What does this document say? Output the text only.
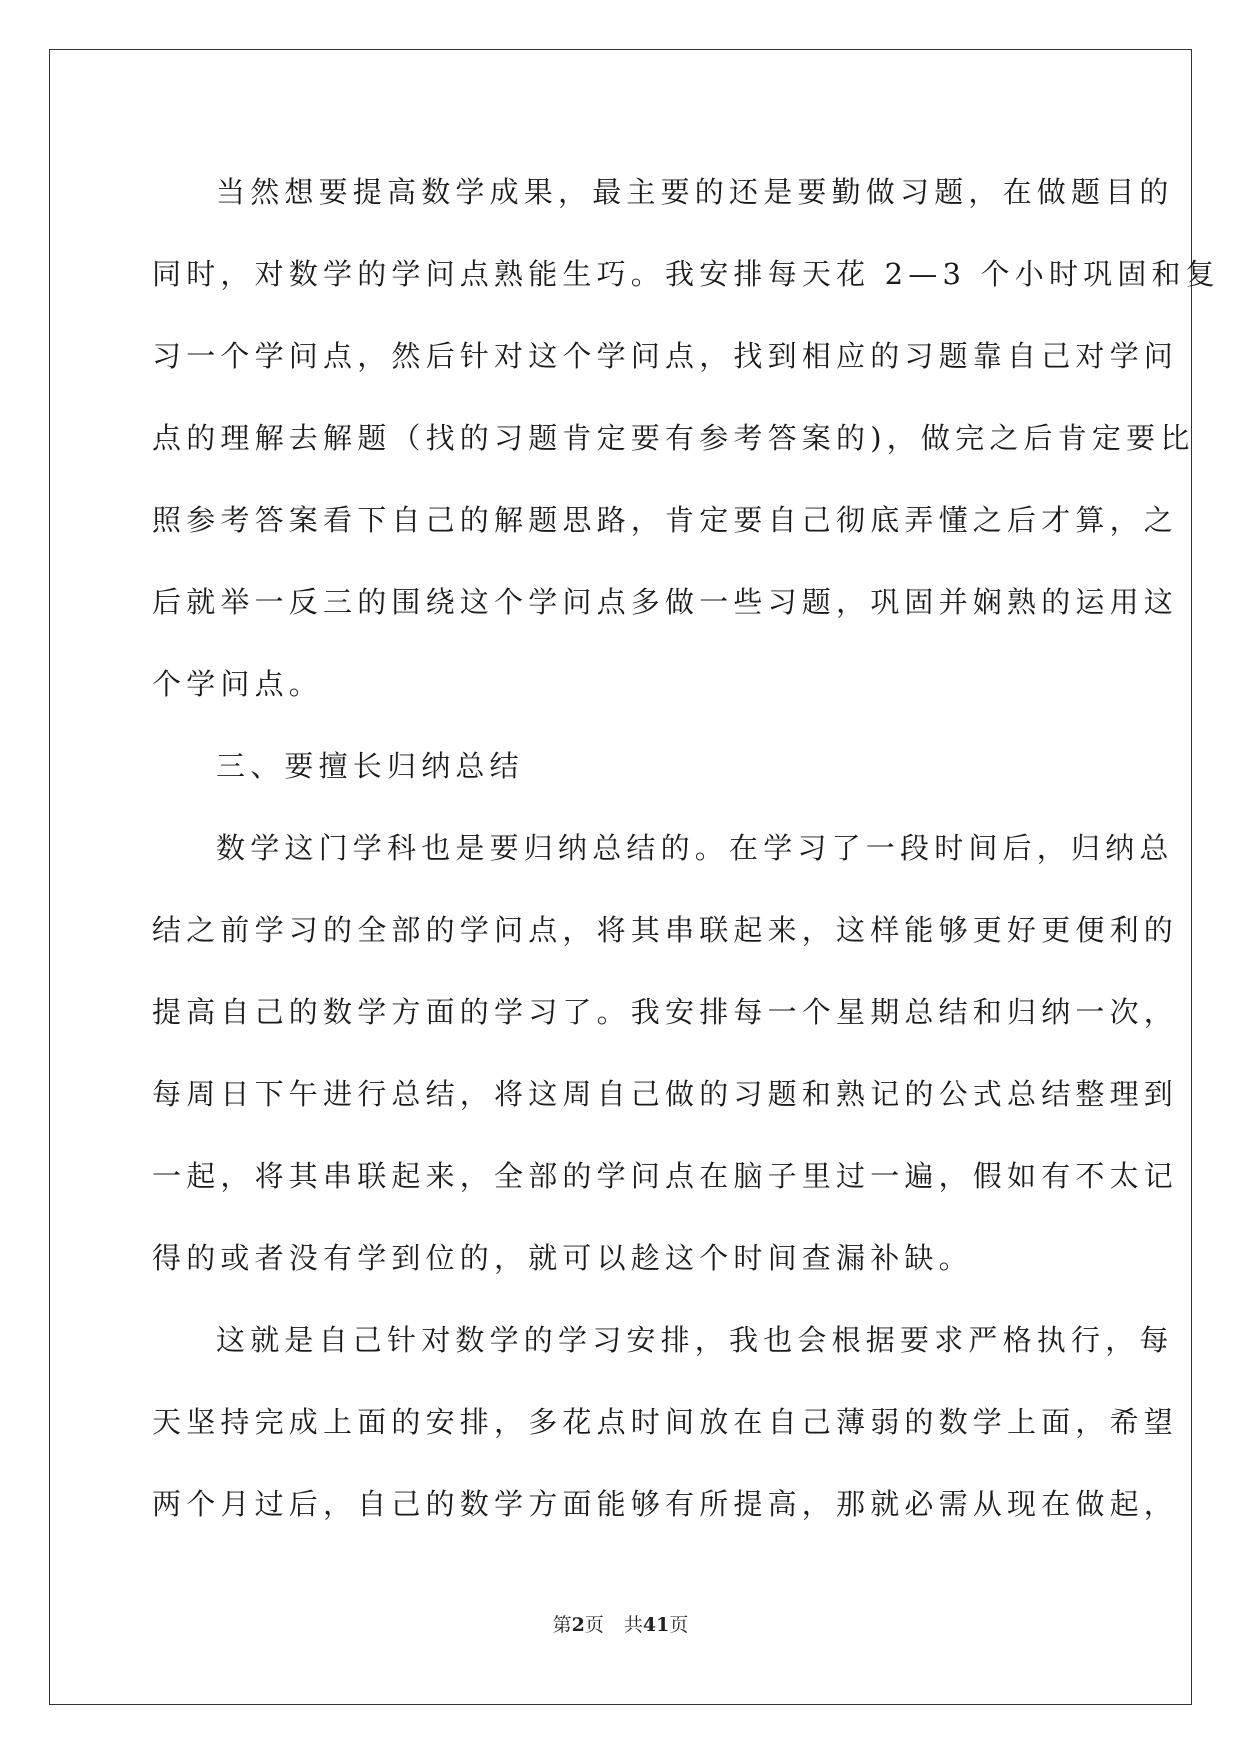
当然想要提高数学成果，最主要的还是要勤做习题，在做题目的
同时，对数学的学问点熟能生巧。我安排每天花 2—3 个小时巩固和复
习一个学问点，然后针对这个学问点，找到相应的习题靠自己对学问
点的理解去解题（找的习题肯定要有参考答案的)，做完之后肯定要比
照参考答案看下自己的解题思路，肯定要自己彻底弄懂之后才算，之
后就举一反三的围绕这个学问点多做一些习题，巩固并娴熟的运用这
个学问点。
三、要擅长归纳总结
数学这门学科也是要归纳总结的。在学习了一段时间后，归纳总
结之前学习的全部的学问点，将其串联起来，这样能够更好更便利的
提高自己的数学方面的学习了。我安排每一个星期总结和归纳一次，
每周日下午进行总结，将这周自己做的习题和熟记的公式总结整理到
一起，将其串联起来，全部的学问点在脑子里过一遍，假如有不太记
得的或者没有学到位的，就可以趁这个时间查漏补缺。
这就是自己针对数学的学习安排，我也会根据要求严格执行，每
天坚持完成上面的安排，多花点时间放在自己薄弱的数学上面，希望
两个月过后，自己的数学方面能够有所提高，那就必需从现在做起，
第2页 共41页
